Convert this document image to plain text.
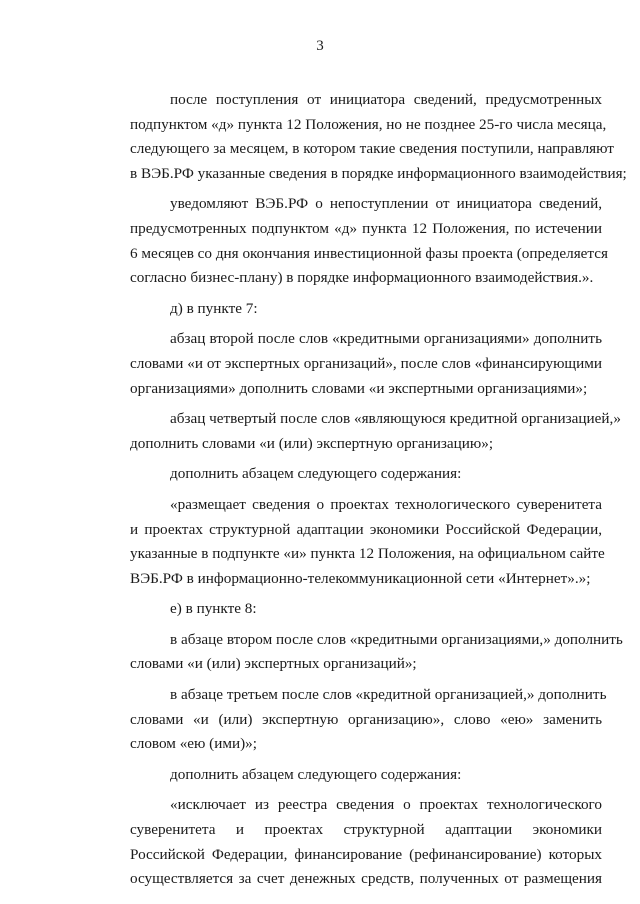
3
после поступления от инициатора сведений, предусмотренных
подпунктом «д» пункта 12 Положения, но не позднее 25-го числа месяца,
следующего за месяцем, в котором такие сведения поступили, направляют
в ВЭБ.РФ указанные сведения в порядке информационного взаимодействия;
уведомляют ВЭБ.РФ о непоступлении от инициатора сведений,
предусмотренных подпунктом «д» пункта 12 Положения, по истечении
6 месяцев со дня окончания инвестиционной фазы проекта (определяется
согласно бизнес-плану) в порядке информационного взаимодействия.».
д) в пункте 7:
абзац второй после слов «кредитными организациями» дополнить
словами «и от экспертных организаций», после слов «финансирующими
организациями» дополнить словами «и экспертными организациями»;
абзац четвертый после слов «являющуюся кредитной организацией,»
дополнить словами «и (или) экспертную организацию»;
дополнить абзацем следующего содержания:
«размещает сведения о проектах технологического суверенитета
и проектах структурной адаптации экономики Российской Федерации,
указанные в подпункте «и» пункта 12 Положения, на официальном сайте
ВЭБ.РФ в информационно-телекоммуникационной сети «Интернет».»;
е) в пункте 8:
в абзаце втором после слов «кредитными организациями,» дополнить
словами «и (или) экспертных организаций»;
в абзаце третьем после слов «кредитной организацией,» дополнить
словами «и (или) экспертную организацию», слово «ею» заменить
словом «ею (ими)»;
дополнить абзацем следующего содержания:
«исключает из реестра сведения о проектах технологического
суверенитета и проектах структурной адаптации экономики
Российской Федерации, финансирование (рефинансирование) которых
осуществляется за счет денежных средств, полученных от размещения
